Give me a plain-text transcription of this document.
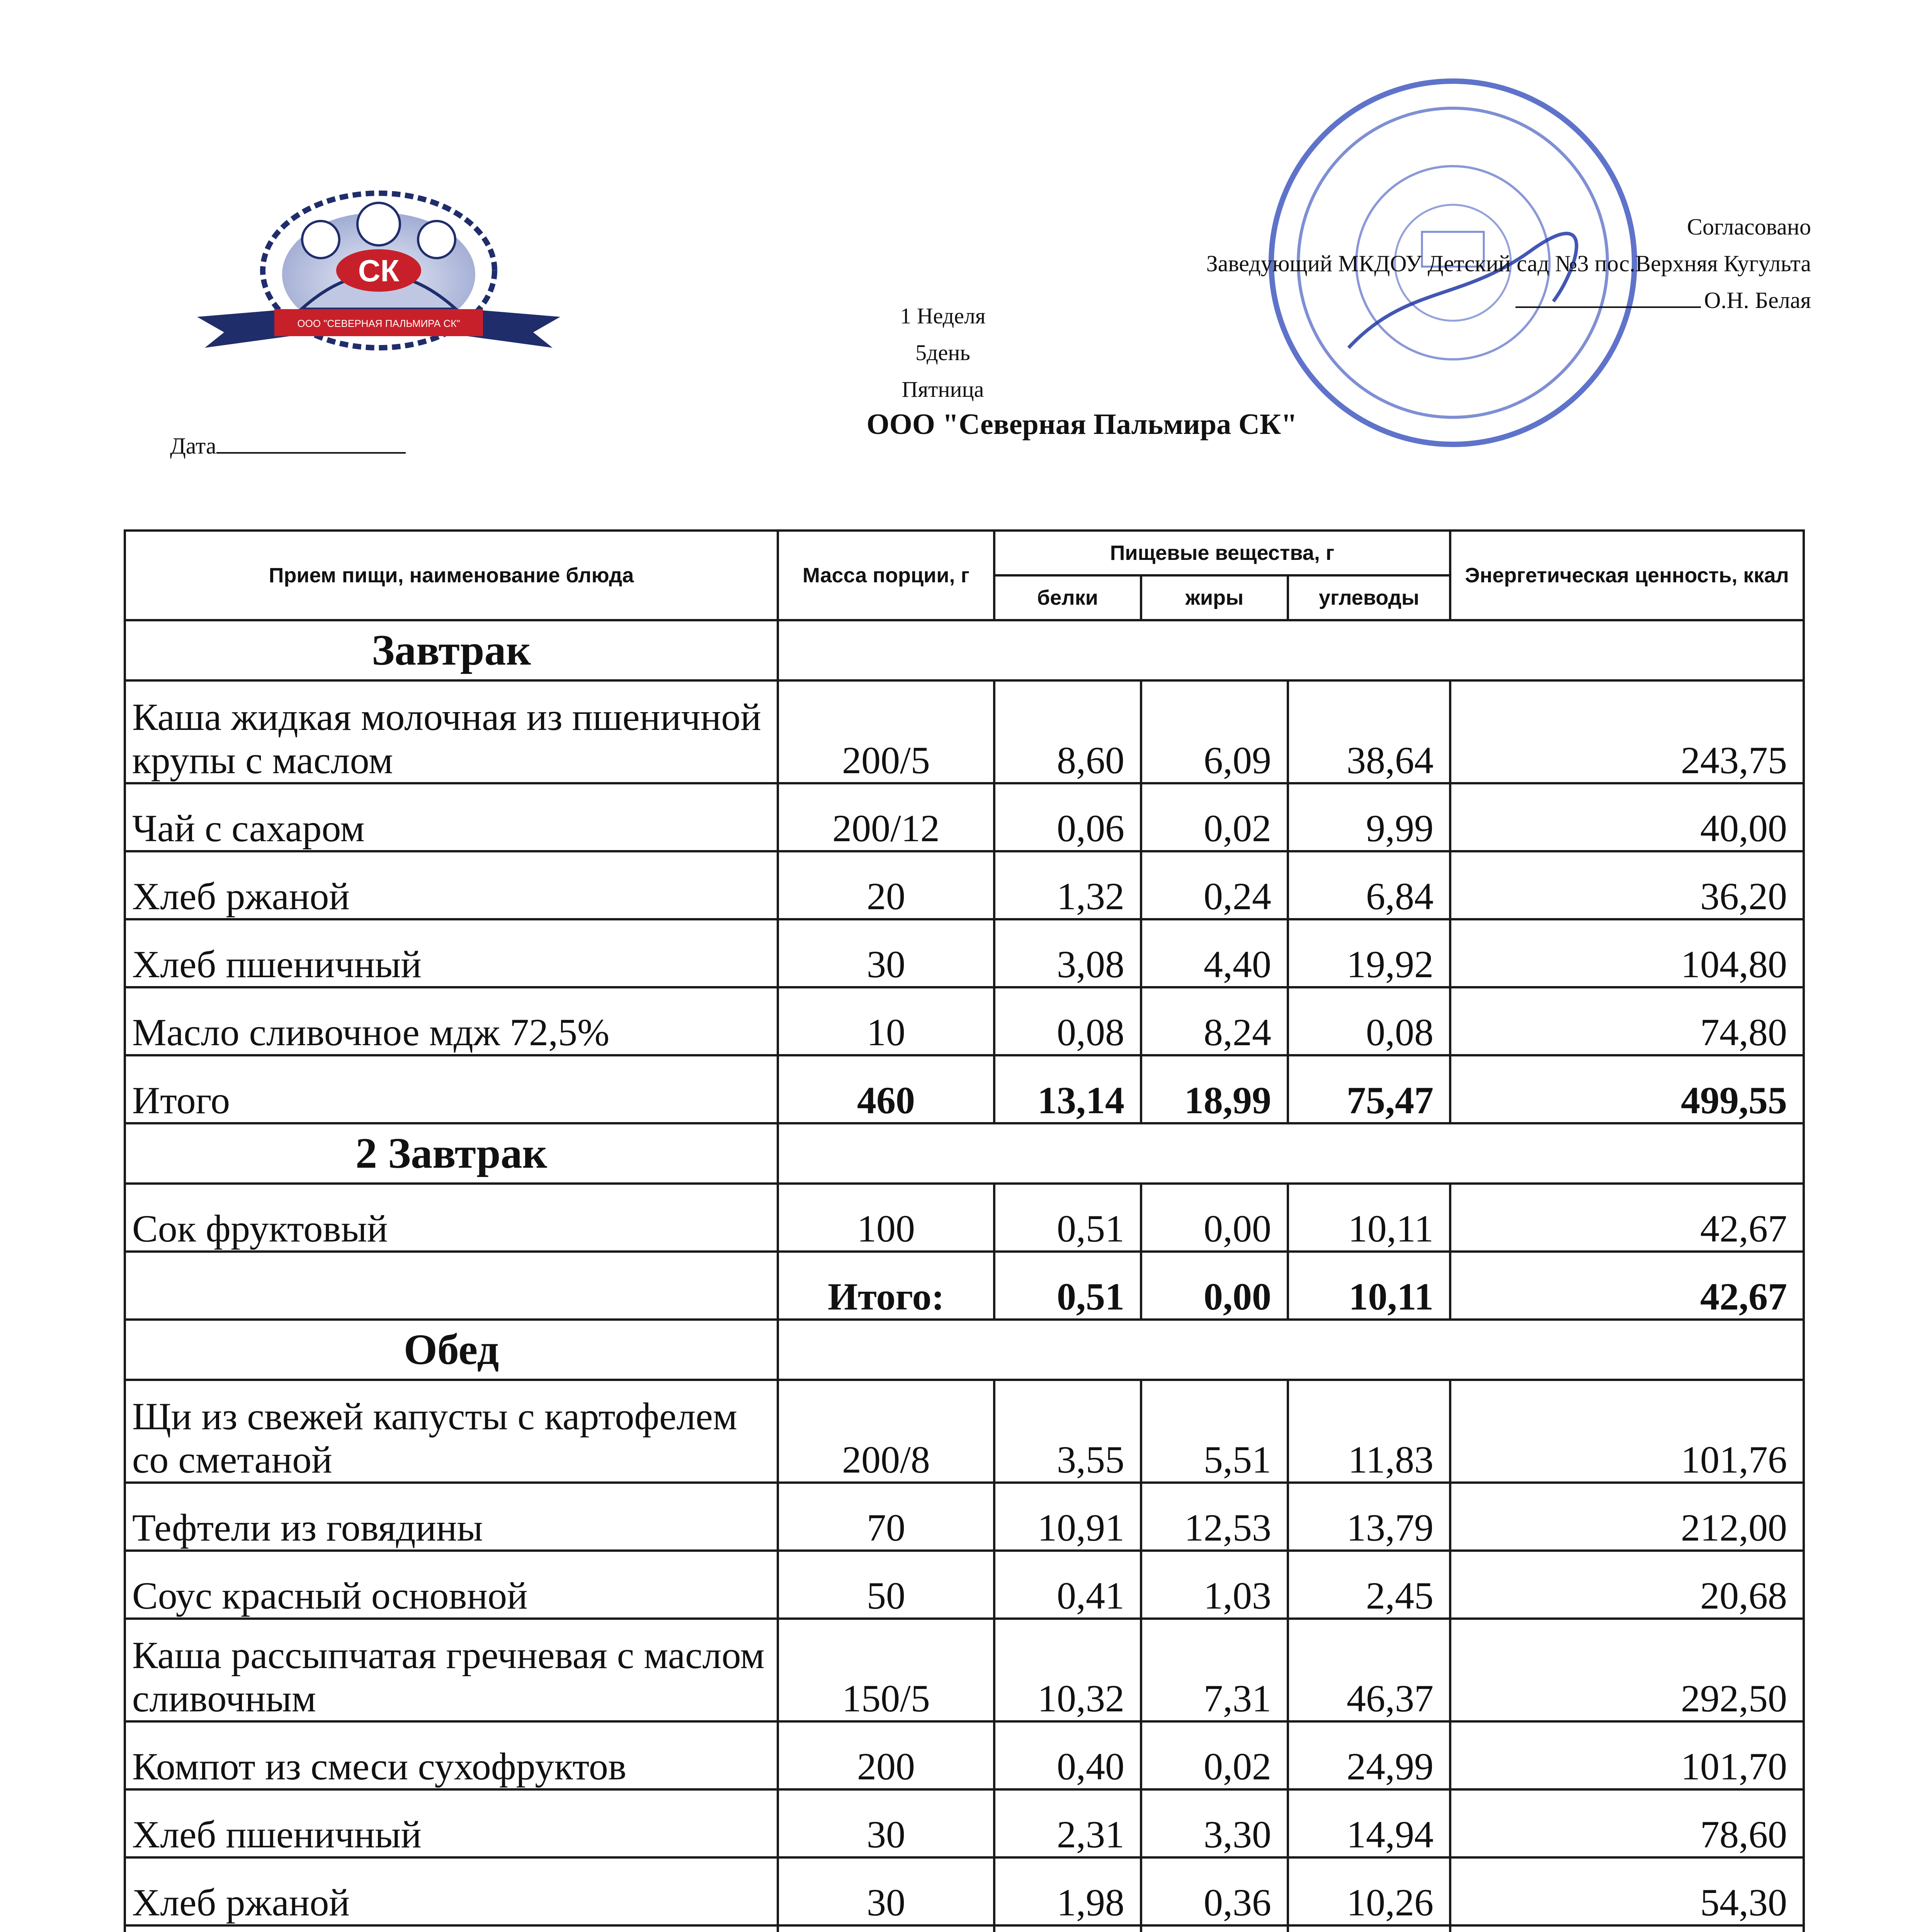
СК
ООО "СЕВЕРНАЯ ПАЛЬМИРА СК"
Согласовано
Заведующий МКДОУ Детский сад №3 пос.Верхняя Кугульта
О.Н. Белая
1 Неделя
5день
Пятница
ООО "Северная Пальмира СК"
Дата
Прием пищи, наименование блюда	Масса порции, г	Пищевые вещества, г			Энергетическая ценность, ккал
		белки	жиры	углеводы	
Завтрак					
Каша жидкая молочная из пшеничной крупы с маслом	200/5	8,60	6,09	38,64	243,75
Чай с сахаром	200/12	0,06	0,02	9,99	40,00
Хлеб ржаной	20	1,32	0,24	6,84	36,20
Хлеб пшеничный	30	3,08	4,40	19,92	104,80
Масло сливочное мдж 72,5%	10	0,08	8,24	0,08	74,80
Итого	460	13,14	18,99	75,47	499,55
2 Завтрак					
Сок фруктовый	100	0,51	0,00	10,11	42,67
	Итого:	0,51	0,00	10,11	42,67
Обед					
Щи из свежей капусты с картофелем со сметаной	200/8	3,55	5,51	11,83	101,76
Тефтели из говядины	70	10,91	12,53	13,79	212,00
Соус красный основной	50	0,41	1,03	2,45	20,68
Каша рассыпчатая гречневая с маслом сливочным	150/5	10,32	7,31	46,37	292,50
Компот из смеси сухофруктов	200	0,40	0,02	24,99	101,70
Хлеб пшеничный	30	2,31	3,30	14,94	78,60
Хлеб ржаной	30	1,98	0,36	10,26	54,30
